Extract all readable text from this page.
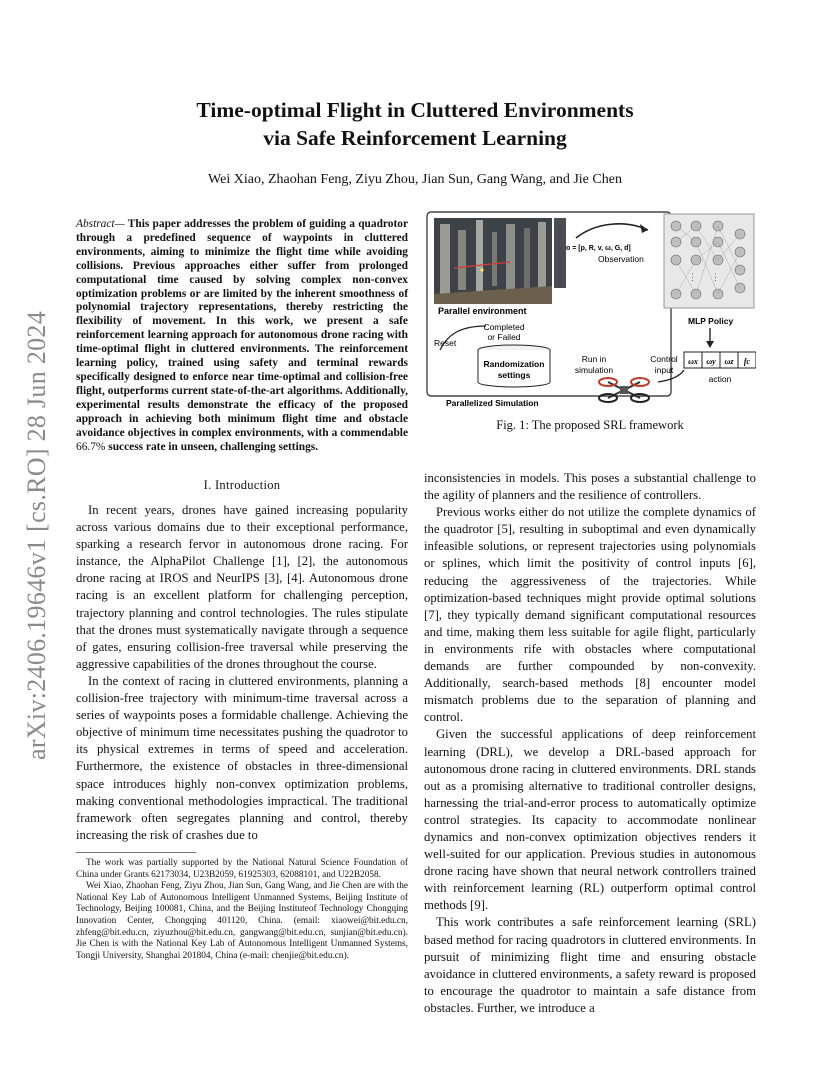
arXiv:2406.19646v1 [cs.RO] 28 Jun 2024
Time-optimal Flight in Cluttered Environments
via Safe Reinforcement Learning
Wei Xiao, Zhaohan Feng, Ziyu Zhou, Jian Sun, Gang Wang, and Jie Chen
Abstract— This paper addresses the problem of guiding a quadrotor through a predefined sequence of waypoints in cluttered environments, aiming to minimize the flight time while avoiding collisions. Previous approaches either suffer from prolonged computational time caused by solving complex non-convex optimization problems or are limited by the inherent smoothness of polynomial trajectory representations, thereby restricting the flexibility of movement. In this work, we present a safe reinforcement learning approach for autonomous drone racing with time-optimal flight in cluttered environments. The reinforcement learning policy, trained using safety and terminal rewards specifically designed to enforce near time-optimal and collision-free flight, outperforms current state-of-the-art algorithms. Additionally, experimental results demonstrate the efficacy of the proposed approach in achieving both minimum flight time and obstacle avoidance objectives in complex environments, with a commendable 66.7% success rate in unseen, challenging settings.
I. Introduction

In recent years, drones have gained increasing popularity across various domains due to their exceptional performance, sparking a research fervor in autonomous drone racing. For instance, the AlphaPilot Challenge [1], [2], the autonomous drone racing at IROS and NeurIPS [3], [4]. Autonomous drone racing is an excellent platform for challenging perception, trajectory planning and control technologies. The rules stipulate that the drones must systematically navigate through a sequence of gates, ensuring collision-free traversal while preserving the aggressive capabilities of the drones throughout the course.

In the context of racing in cluttered environments, planning a collision-free trajectory with minimum-time traversal across a series of waypoints poses a formidable challenge. Achieving the objective of minimum time necessitates pushing the quadrotor to its physical extremes in terms of speed and acceleration. Furthermore, the existence of obstacles in three-dimensional space introduces highly non-convex optimization problems, making conventional methodologies impractical. The traditional framework often segregates planning and control, thereby increasing the risk of crashes due to

The work was partially supported by the National Natural Science Foundation of China under Grants 62173034, U23B2059, 61925303, 62088101, and U22B2058.

Wei Xiao, Zhaohan Feng, Ziyu Zhou, Jian Sun, Gang Wang, and Jie Chen are with the National Key Lab of Autonomous Intelligent Unmanned Systems, Beijing Institute of Technology, Beijing 100081, China, and the Beijing Instituteof Technology Chongqing Innovation Center, Chongqing 401120, China. (email: xiaowei@bit.edu.cn, zhfeng@bit.edu.cn, ziyuzhou@bit.edu.cn, gangwang@bit.edu.cn, sunjian@bit.edu.cn). Jie Chen is with the National Key Lab of Autonomous Intelligent Unmanned Systems, Tongji University, Shanghai 201804, China (e-mail: chenjie@bit.edu.cn).

Parallel environment
Completed
or Failed
Reset
Randomization
settings
Parallelized Simulation
Run in
simulation
Control
input
o = [p, R, v, ω, G, d]
Observation
⋮ ⋮
MLP Policy
ωx ωy ωz fc
action
Fig. 1: The proposed SRL framework

inconsistencies in models. This poses a substantial challenge to the agility of planners and the resilience of controllers.

Previous works either do not utilize the complete dynamics of the quadrotor [5], resulting in suboptimal and even dynamically infeasible solutions, or represent trajectories using polynomials or splines, which limit the positivity of control inputs [6], reducing the aggressiveness of the trajectories. While optimization-based techniques might provide optimal solutions [7], they typically demand significant computational resources and time, making them less suitable for agile flight, particularly in environments rife with obstacles where computational demands are further compounded by non-convexity. Additionally, search-based methods [8] encounter model mismatch problems due to the separation of planning and control.

Given the successful applications of deep reinforcement learning (DRL), we develop a DRL-based approach for autonomous drone racing in cluttered environments. DRL stands out as a promising alternative to traditional controller designs, harnessing the trial-and-error process to automatically optimize control strategies. Its capacity to accommodate nonlinear dynamics and non-convex optimization objectives renders it well-suited for our application. Previous studies in autonomous drone racing have shown that neural network controllers trained with reinforcement learning (RL) outperform optimal control methods [9].

This work contributes a safe reinforcement learning (SRL) based method for racing quadrotors in cluttered environments. In pursuit of minimizing flight time and ensuring obstacle avoidance in cluttered environments, a safety reward is proposed to encourage the quadrotor to maintain a safe distance from obstacles. Further, we introduce a
